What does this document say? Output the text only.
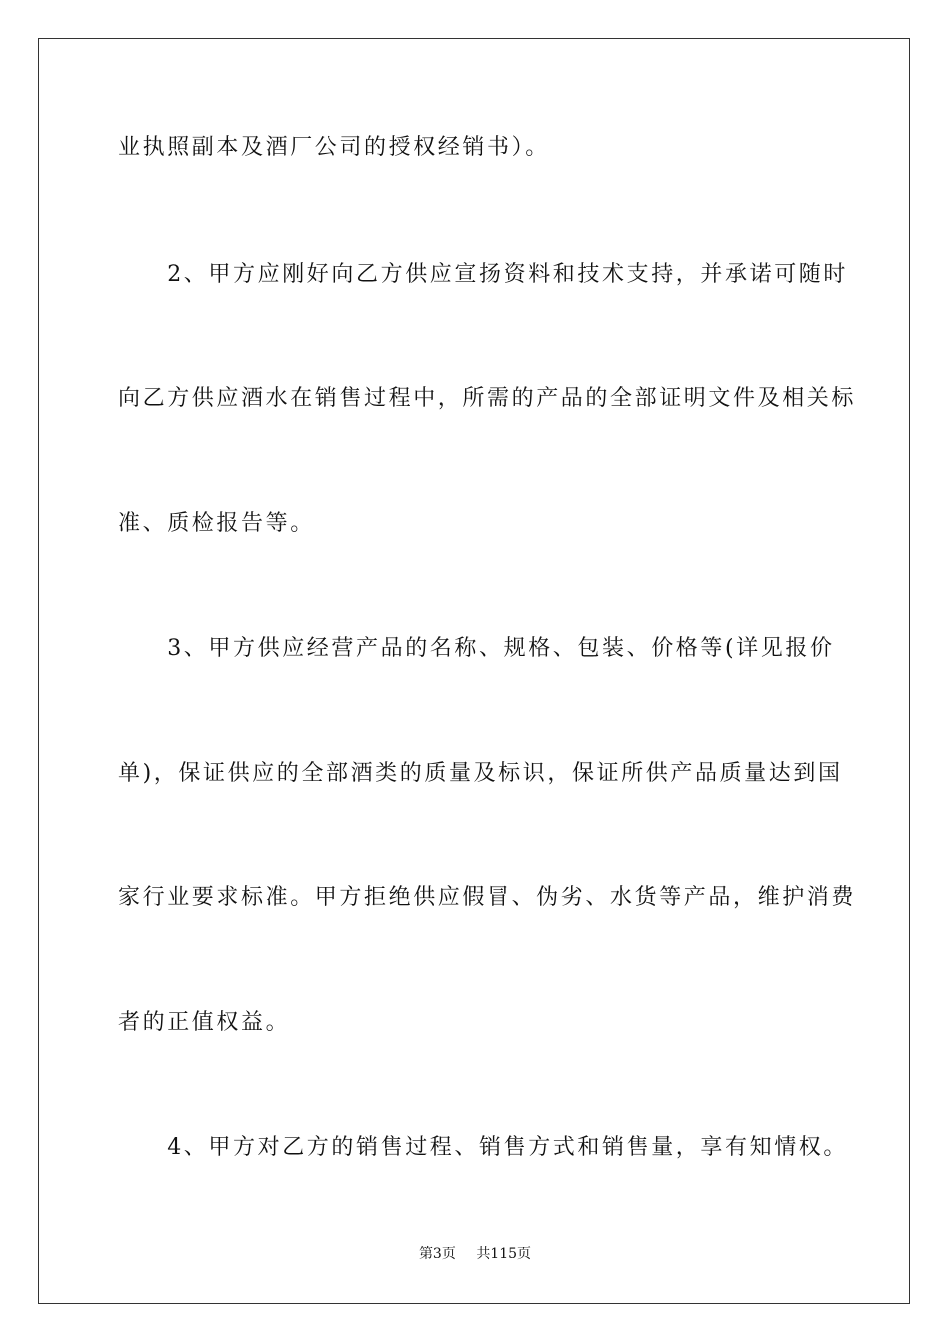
业执照副本及酒厂公司的授权经销书）。
　　2、甲方应刚好向乙方供应宣扬资料和技术支持，并承诺可随时
向乙方供应酒水在销售过程中，所需的产品的全部证明文件及相关标
准、质检报告等。
　　3、甲方供应经营产品的名称、规格、包装、价格等(详见报价
单)，保证供应的全部酒类的质量及标识，保证所供产品质量达到国
家行业要求标准。甲方拒绝供应假冒、伪劣、水货等产品，维护消费
者的正值权益。
　　4、甲方对乙方的销售过程、销售方式和销售量，享有知情权。
第3页 共115页
